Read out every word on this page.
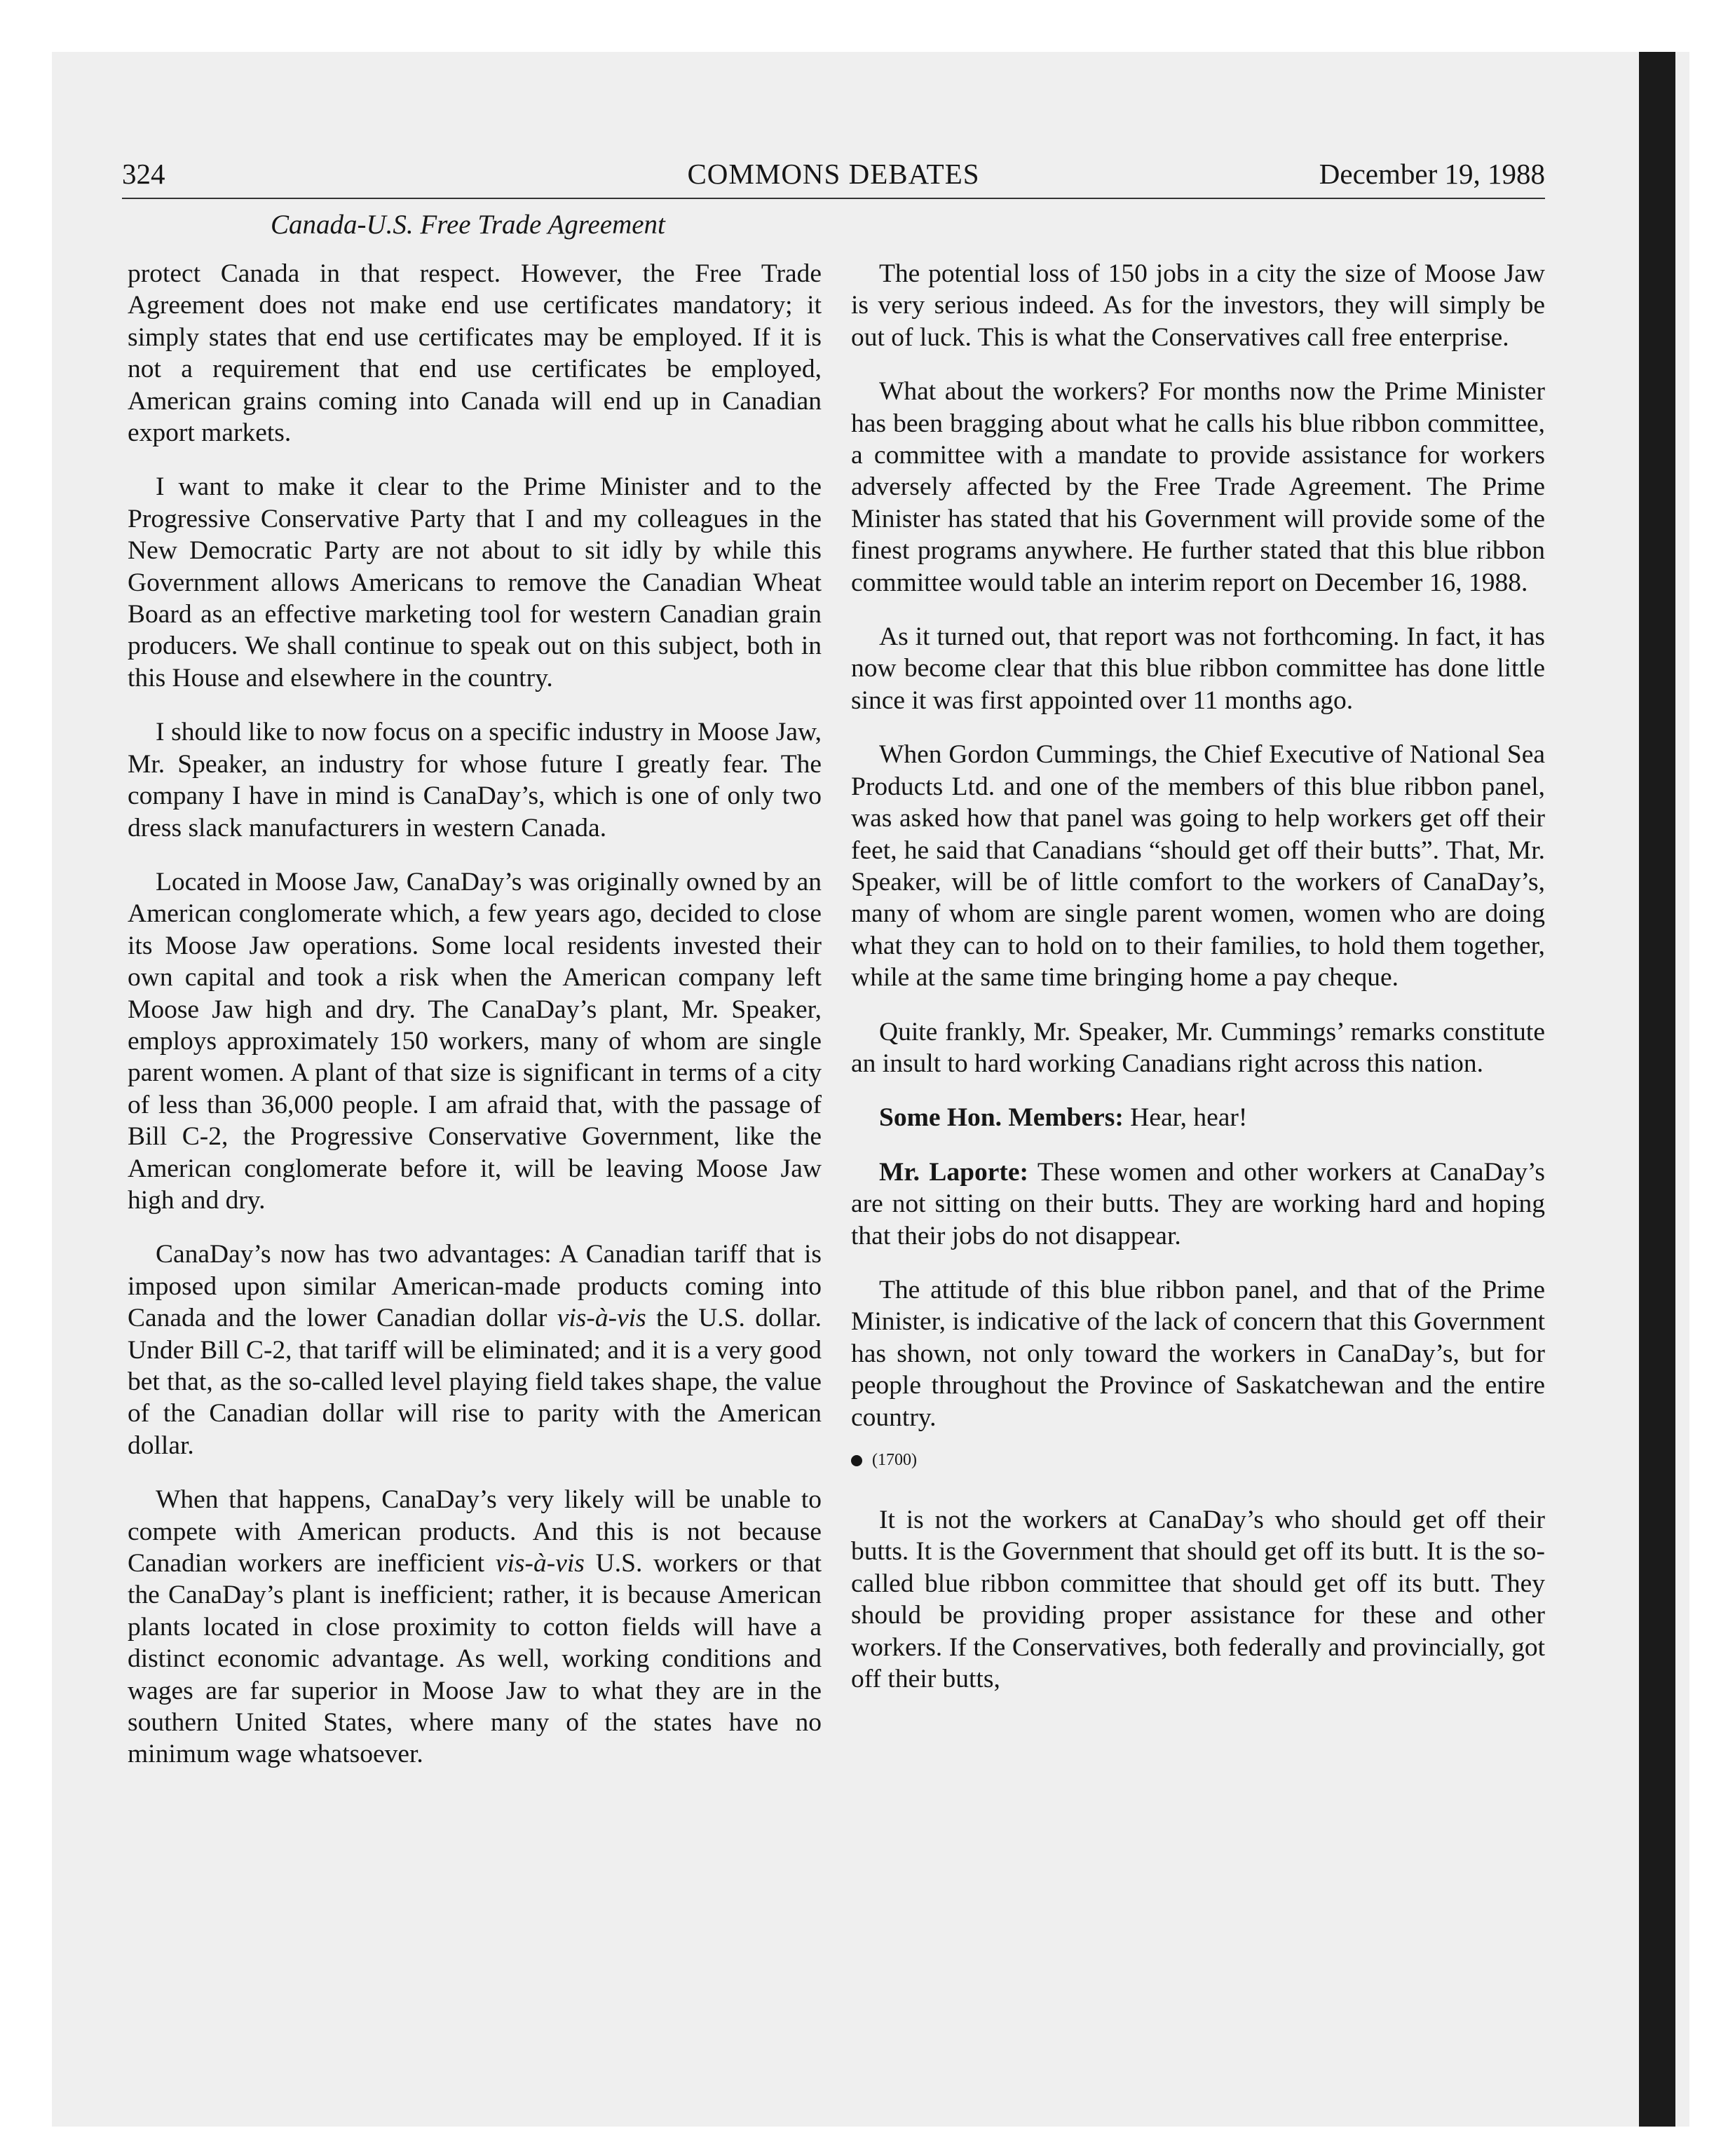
324	COMMONS DEBATES	December 19, 1988
Canada-U.S. Free Trade Agreement

protect Canada in that respect. However, the Free Trade Agreement does not make end use certificates mandatory; it simply states that end use certificates may be employed. If it is not a requirement that end use certificates be employed, American grains coming into Canada will end up in Canadian export markets.

I want to make it clear to the Prime Minister and to the Progressive Conservative Party that I and my colleagues in the New Democratic Party are not about to sit idly by while this Government allows Americans to remove the Canadian Wheat Board as an effective marketing tool for western Canadian grain producers. We shall continue to speak out on this subject, both in this House and elsewhere in the country.

I should like to now focus on a specific industry in Moose Jaw, Mr. Speaker, an industry for whose future I greatly fear. The company I have in mind is CanaDay’s, which is one of only two dress slack manufacturers in western Canada.

Located in Moose Jaw, CanaDay’s was originally owned by an American conglomerate which, a few years ago, decided to close its Moose Jaw operations. Some local residents invested their own capital and took a risk when the American company left Moose Jaw high and dry. The CanaDay’s plant, Mr. Speaker, employs approximately 150 workers, many of whom are single parent women. A plant of that size is significant in terms of a city of less than 36,000 people. I am afraid that, with the passage of Bill C-2, the Progressive Conservative Government, like the American conglomerate before it, will be leaving Moose Jaw high and dry.

CanaDay’s now has two advantages: A Canadian tariff that is imposed upon similar American-made products coming into Canada and the lower Canadian dollar vis-à-vis the U.S. dollar. Under Bill C-2, that tariff will be eliminated; and it is a very good bet that, as the so-called level playing field takes shape, the value of the Canadian dollar will rise to parity with the American dollar.

When that happens, CanaDay’s very likely will be unable to compete with American products. And this is not because Canadian workers are inefficient vis-à-vis U.S. workers or that the CanaDay’s plant is inefficient; rather, it is because American plants located in close proximity to cotton fields will have a distinct economic advantage. As well, working conditions and wages are far superior in Moose Jaw to what they are in the southern United States, where many of the states have no minimum wage whatsoever.

The potential loss of 150 jobs in a city the size of Moose Jaw is very serious indeed. As for the investors, they will simply be out of luck. This is what the Conservatives call free enterprise.

What about the workers? For months now the Prime Minister has been bragging about what he calls his blue ribbon committee, a committee with a mandate to provide assistance for workers adversely affected by the Free Trade Agreement. The Prime Minister has stated that his Government will provide some of the finest programs anywhere. He further stated that this blue ribbon committee would table an interim report on December 16, 1988.

As it turned out, that report was not forthcoming. In fact, it has now become clear that this blue ribbon committee has done little since it was first appointed over 11 months ago.

When Gordon Cummings, the Chief Executive of National Sea Products Ltd. and one of the members of this blue ribbon panel, was asked how that panel was going to help workers get off their feet, he said that Canadians “should get off their butts”. That, Mr. Speaker, will be of little comfort to the workers of CanaDay’s, many of whom are single parent women, women who are doing what they can to hold on to their families, to hold them together, while at the same time bringing home a pay cheque.

Quite frankly, Mr. Speaker, Mr. Cummings’ remarks constitute an insult to hard working Canadians right across this nation.

Some Hon. Members: Hear, hear!

Mr. Laporte: These women and other workers at CanaDay’s are not sitting on their butts. They are working hard and hoping that their jobs do not disappear.

The attitude of this blue ribbon panel, and that of the Prime Minister, is indicative of the lack of concern that this Government has shown, not only toward the workers in CanaDay’s, but for people throughout the Province of Saskatchewan and the entire country.

(1700)

It is not the workers at CanaDay’s who should get off their butts. It is the Government that should get off its butt. It is the so-called blue ribbon committee that should get off its butt. They should be providing proper assistance for these and other workers. If the Conservatives, both federally and provincially, got off their butts,
